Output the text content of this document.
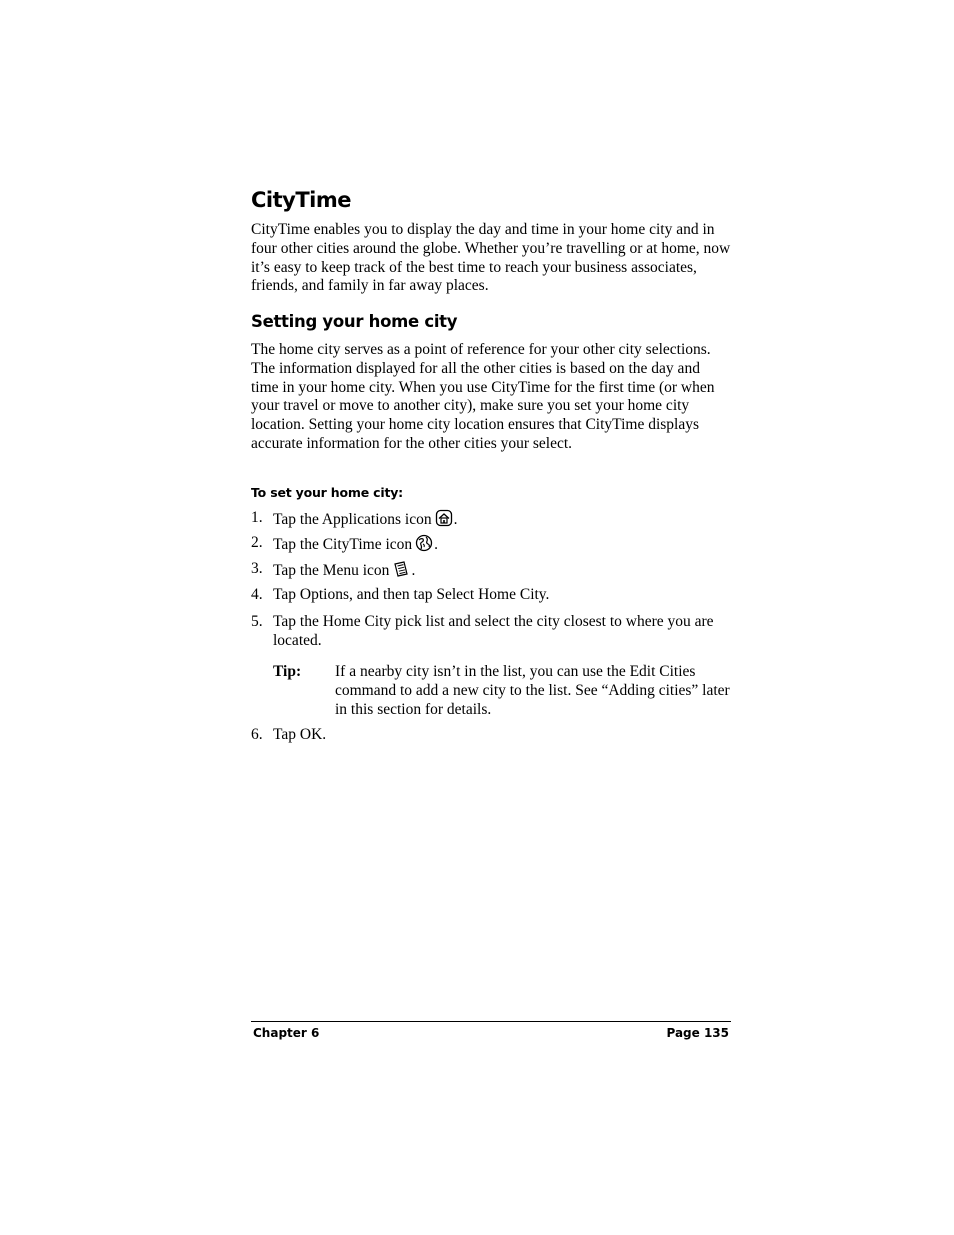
CityTime

CityTime enables you to display the day and time in your home city and in four other cities around the globe. Whether you’re travelling or at home, now it’s easy to keep track of the best time to reach your business associates, friends, and family in far away places.

Setting your home city

The home city serves as a point of reference for your other city selections. The information displayed for all the other cities is based on the day and time in your home city. When you use CityTime for the first time (or when your travel or move to another city), make sure you set your home city location. Setting your home city location ensures that CityTime displays accurate information for the other cities your select.

To set your home city:
1. Tap the Applications icon .
2. Tap the CityTime icon .
3. Tap the Menu icon .
4. Tap Options, and then tap Select Home City.
5. Tap the Home City pick list and select the city closest to where you are located.
Tip: If a nearby city isn’t in the list, you can use the Edit Cities command to add a new city to the list. See “Adding cities” later in this section for details.
6. Tap OK.
Chapter 6	Page 135
